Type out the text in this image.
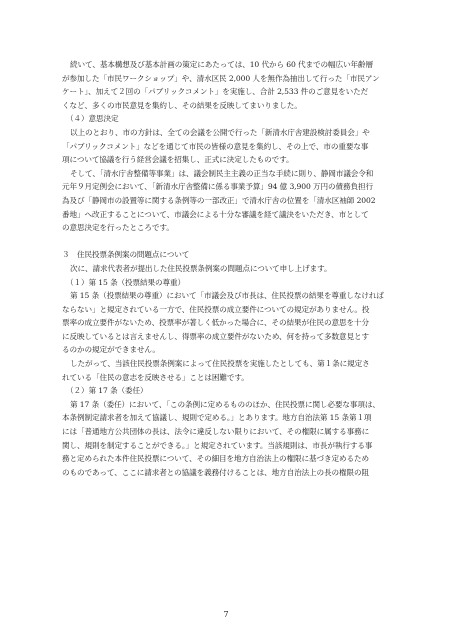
続いて、基本構想及び基本計画の策定にあたっては、10 代から 60 代までの幅広い年齢層

が参加した「市民ワークショップ」や、清水区民 2,000 人を無作為抽出して行った「市民アン

ケート」、加えて２回の「パブリックコメント」を実施し、合計 2,533 件のご意見をいただ

くなど、多くの市民意見を集約し、その結果を反映してまいりました。

（４）意思決定

以上のとおり、市の方針は、全ての会議を公開で行った「新清水庁舎建設検討委員会」や

「パブリックコメント」などを通じて市民の皆様の意見を集約し、その上で、市の重要な事

項について協議を行う経営会議を招集し、正式に決定したものです。

そして、「清水庁舎整備等事業」は、議会制民主主義の正当な手続に則り、静岡市議会令和

元年９月定例会において、「新清水庁舎整備に係る事業予算」94 億 3,900 万円の債務負担行

為及び「静岡市の設置等に関する条例等の一部改正」で清水庁舎の位置を「清水区袖師 2002

番地」へ改正することについて、市議会による十分な審議を経て議決をいただき、市として

の意思決定を行ったところです。

３　住民投票条例案の問題点について

次に、請求代表者が提出した住民投票条例案の問題点について申し上げます。

（１）第 15 条（投票結果の尊重）

第 15 条（投票結果の尊重）において「市議会及び市長は、住民投票の結果を尊重しなければ

ならない」と規定されている一方で、住民投票の成立要件についての規定がありません。投

票率の成立要件がないため、投票率が著しく低かった場合に、その結果が住民の意思を十分

に反映しているとは言えませんし、得票率の成立要件がないため、何を持って多数意見とす

るのかの規定ができません。

したがって、当該住民投票条例案によって住民投票を実施したとしても、第１条に規定さ

れている「住民の意志を反映させる」ことは困難です。

（２）第 17 条（委任）

第 17 条（委任）において、「この条例に定めるもののほか、住民投票に関し必要な事項は、

本条例制定請求者を加えて協議し、規則で定める。」とあります。地方自治法第 15 条第１項

には「普通地方公共団体の長は、法令に違反しない限りにおいて、その権限に属する事務に

関し、規則を制定することができる。」と規定されています。当該規則は、市長が執行する事

務と定められた本件住民投票について、その細目を地方自治法上の権限に基づき定めるため

のものであって、ここに請求者との協議を義務付けることは、地方自治法上の長の権限の阻

7
